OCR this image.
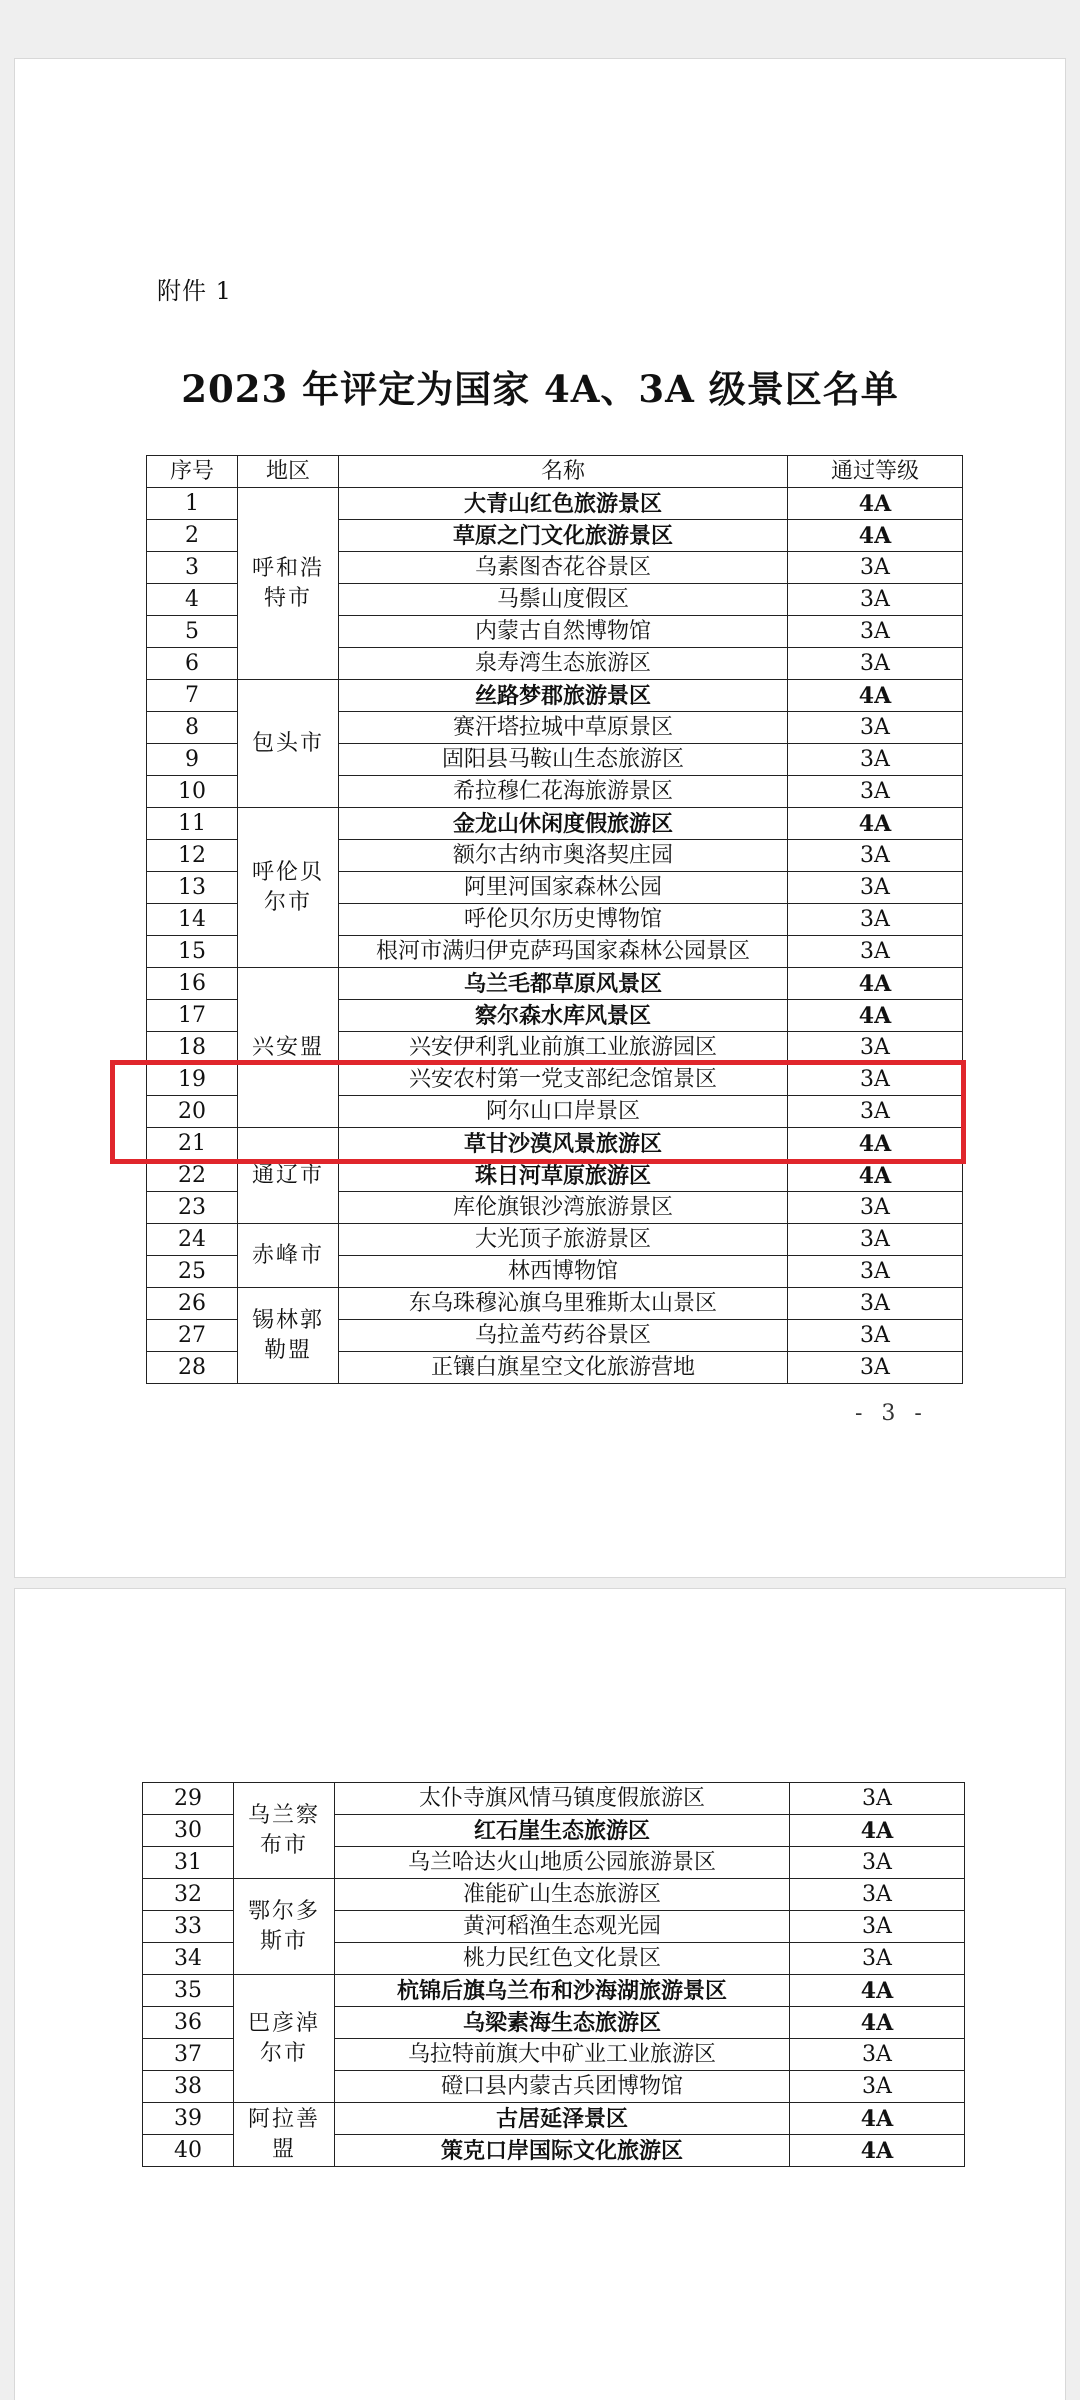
附件 1
2023 年评定为国家 4A、3A 级景区名单
序号	地区	名称	通过等级
1	呼和浩特市	大青山红色旅游景区	4A
2		草原之门文化旅游景区	4A
3		乌素图杏花谷景区	3A
4		马鬃山度假区	3A
5		内蒙古自然博物馆	3A
6		泉寿湾生态旅游区	3A
7	包头市	丝路梦郡旅游景区	4A
8		赛汗塔拉城中草原景区	3A
9		固阳县马鞍山生态旅游区	3A
10		希拉穆仁花海旅游景区	3A
11	呼伦贝尔市	金龙山休闲度假旅游区	4A
12		额尔古纳市奥洛契庄园	3A
13		阿里河国家森林公园	3A
14		呼伦贝尔历史博物馆	3A
15		根河市满归伊克萨玛国家森林公园景区	3A
16	兴安盟	乌兰毛都草原风景区	4A
17		察尔森水库风景区	4A
18		兴安伊利乳业前旗工业旅游园区	3A
19		兴安农村第一党支部纪念馆景区	3A
20		阿尔山口岸景区	3A
21	通辽市	草甘沙漠风景旅游区	4A
22		珠日河草原旅游区	4A
23		库伦旗银沙湾旅游景区	3A
24	赤峰市	大光顶子旅游景区	3A
25		林西博物馆	3A
26	锡林郭勒盟	东乌珠穆沁旗乌里雅斯太山景区	3A
27		乌拉盖芍药谷景区	3A
28		正镶白旗星空文化旅游营地	3A
- 3 -
29	乌兰察布市	太仆寺旗风情马镇度假旅游区	3A
30		红石崖生态旅游区	4A
31		乌兰哈达火山地质公园旅游景区	3A
32	鄂尔多斯市	准能矿山生态旅游区	3A
33		黄河稻渔生态观光园	3A
34		桃力民红色文化景区	3A
35	巴彦淖尔市	杭锦后旗乌兰布和沙海湖旅游景区	4A
36		乌梁素海生态旅游区	4A
37		乌拉特前旗大中矿业工业旅游区	3A
38		磴口县内蒙古兵团博物馆	3A
39	阿拉善盟	古居延泽景区	4A
40		策克口岸国际文化旅游区	4A
